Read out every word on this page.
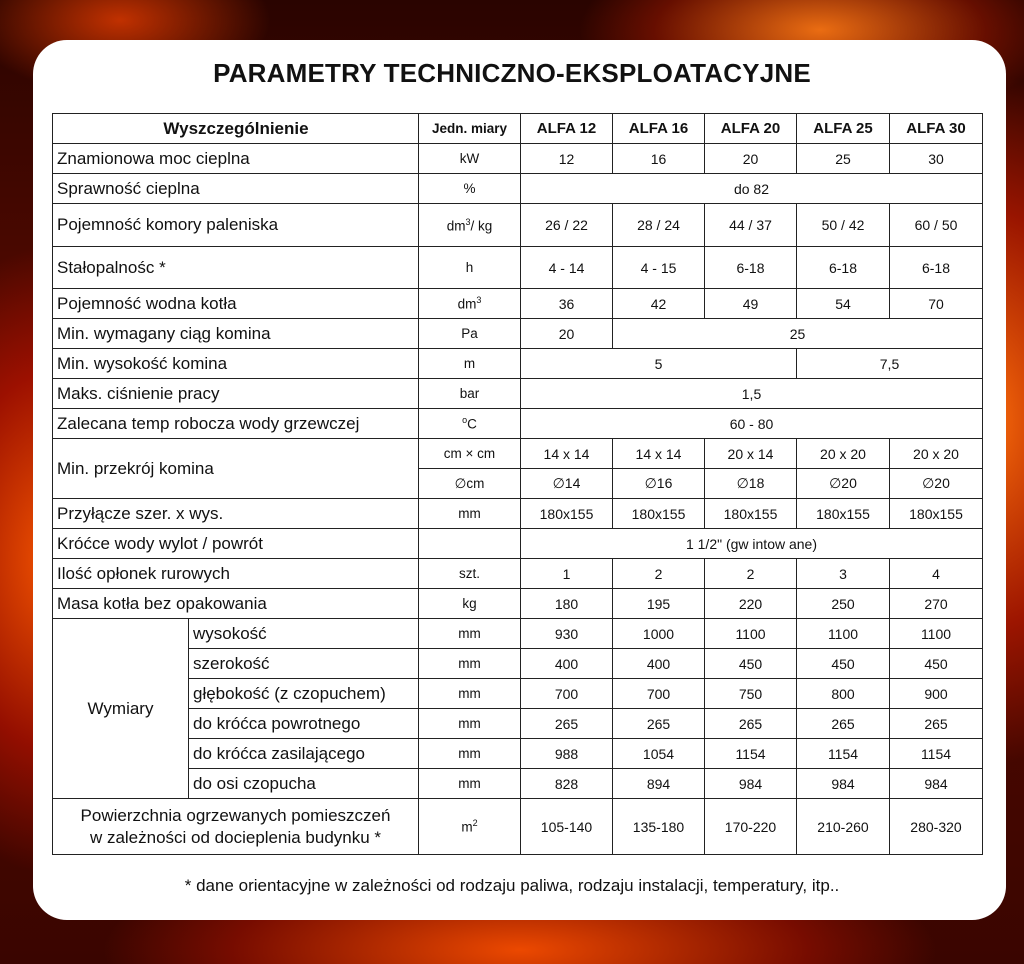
PARAMETRY TECHNICZNO-EKSPLOATACYJNE
Wyszczególnienie		Jedn. miary	ALFA 12	ALFA 16	ALFA 20	ALFA 25	ALFA 30
Znamionowa moc cieplna		kW	12	16	20	25	30
Sprawność cieplna		%	do 82				
Pojemność komory paleniska		$dm^3/$ kg	26 / 22	28 / 24	44 / 37	50 / 42	60 / 50
Stałopalnośc *		h	4 - 14	4 - 15	6-18	6-18	6-18
Pojemność wodna kotła		$dm^3$	36	42	49	54	70
Min. wymagany ciąg komina		Pa	20	25			
Min. wysokość komina		m	5			7,5	
Maks. ciśnienie pracy		bar	1,5				
Zalecana temp robocza wody grzewczej		$^o$C	60 - 80				
Min. przekrój komina		cm × cm	14 x 14	14 x 14	20 x 14	20 x 20	20 x 20
		∅cm	∅14	∅16	∅18	∅20	∅20
Przyłącze szer. x wys.		mm	180x155	180x155	180x155	180x155	180x155
Króćce wody wylot / powrót			1 1/2" (gw intow ane)				
Ilość opłonek rurowych		szt.	1	2	2	3	4
Masa kotła bez opakowania		kg	180	195	220	250	270
Wymiary	wysokość	mm	930	1000	1100	1100	1100
	szerokość	mm	400	400	450	450	450
	głębokość (z czopuchem)	mm	700	700	750	800	900
	do króćca powrotnego	mm	265	265	265	265	265
	do króćca zasilającego	mm	988	1054	1154	1154	1154
	do osi czopucha	mm	828	894	984	984	984

Powierzchnia ogrzewanych pomieszczeń
w zależności od docieplenia budynku *		$m^2$	105-140	135-180	170-220	210-260	280-320
* dane orientacyjne w zależności od rodzaju paliwa, rodzaju instalacji, temperatury, itp..
